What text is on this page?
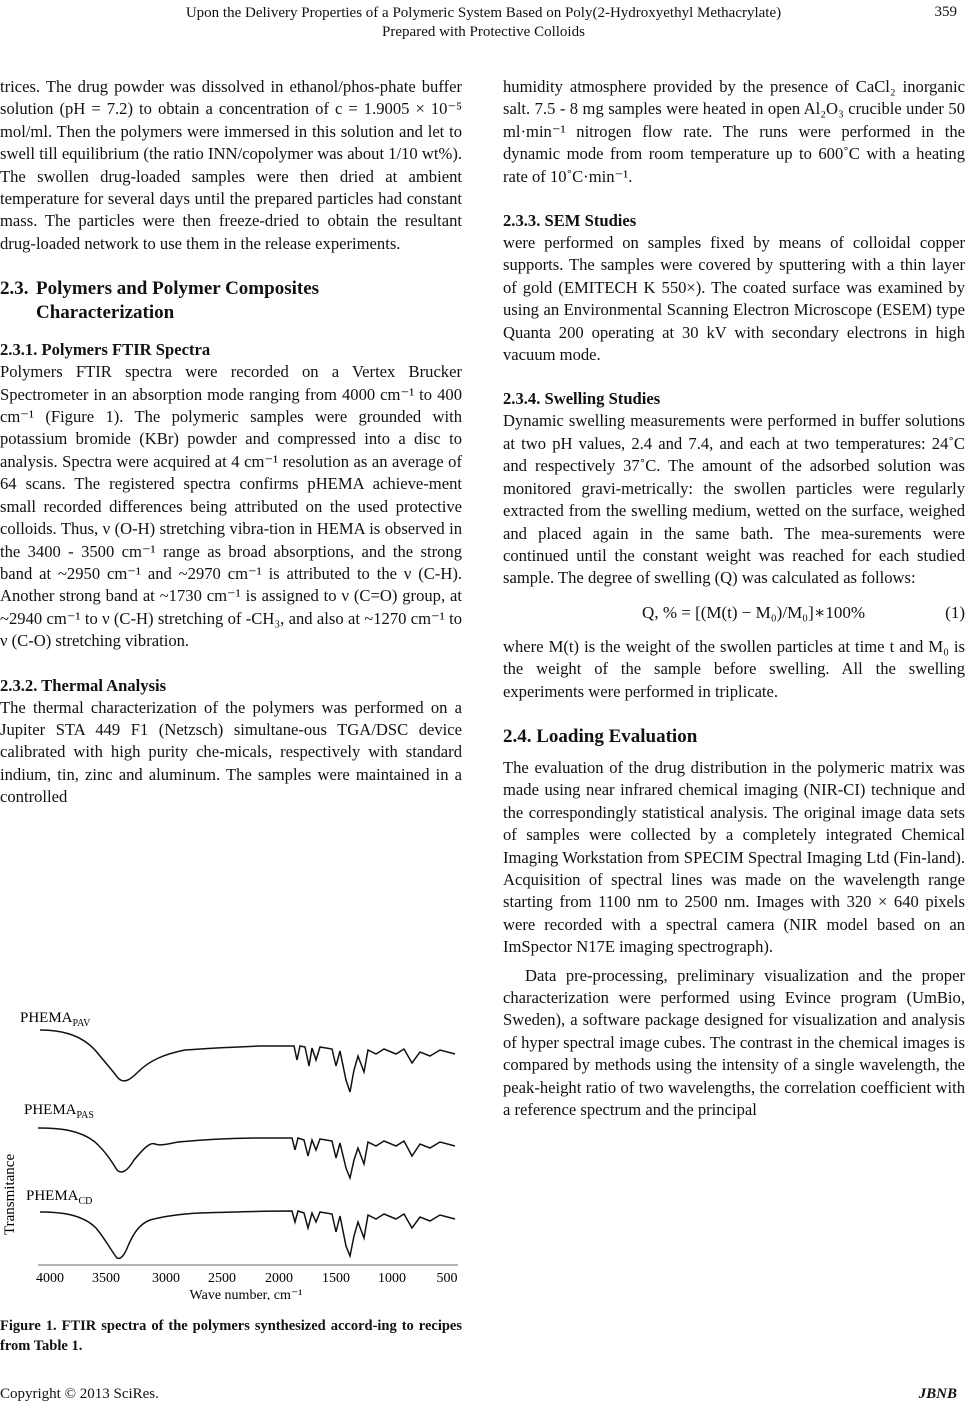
Upon the Delivery Properties of a Polymeric System Based on Poly(2-Hydroxyethyl Methacrylate)
Prepared with Protective Colloids
359

trices. The drug powder was dissolved in ethanol/phos-phate buffer solution (pH = 7.2) to obtain a concentration of c = 1.9005 × 10⁻⁵ mol/ml. Then the polymers were immersed in this solution and let to swell till equilibrium (the ratio INN/copolymer was about 1/10 wt%). The swollen drug-loaded samples were then dried at ambient temperature for several days until the prepared particles had constant mass. The particles were then freeze-dried to obtain the resultant drug-loaded network to use them in the release experiments.

2.3. Polymers and Polymer Composites
Characterization
2.3.1. Polymers FTIR Spectra

Polymers FTIR spectra were recorded on a Vertex Brucker Spectrometer in an absorption mode ranging from 4000 cm⁻¹ to 400 cm⁻¹ (Figure 1). The polymeric samples were grounded with potassium bromide (KBr) powder and compressed into a disc to analysis. Spectra were acquired at 4 cm⁻¹ resolution as an average of 64 scans. The registered spectra confirms pHEMA achieve-ment small recorded differences being attributed on the used protective colloids. Thus, ν (O-H) stretching vibra-tion in HEMA is observed in the 3400 - 3500 cm⁻¹ range as broad absorptions, and the strong band at ~2950 cm⁻¹ and ~2970 cm⁻¹ is attributed to the ν (C-H). Another strong band at ~1730 cm⁻¹ is assigned to ν (C=O) group, at ~2940 cm⁻¹ to ν (C-H) stretching of -CH₃, and also at ~1270 cm⁻¹ to ν (C-O) stretching vibration.

2.3.2. Thermal Analysis

The thermal characterization of the polymers was performed on a Jupiter STA 449 F1 (Netzsch) simultane-ous TGA/DSC device calibrated with high purity che-micals, respectively with standard indium, tin, zinc and aluminum. The samples were maintained in a controlled

Transmitance
$PHEMA_{PAV}$
$PHEMA_{PAS}$
$PHEMA_{CD}$
4000 3500 3000 2500 2000 1500 1000 500
Wave number, cm⁻¹
Figure 1. FTIR spectra of the polymers synthesized accord-ing to recipes from Table 1.

humidity atmosphere provided by the presence of CaCl₂ inorganic salt. 7.5 - 8 mg samples were heated in open Al₂O₃ crucible under 50 ml·min⁻¹ nitrogen flow rate. The runs were performed in the dynamic mode from room temperature up to 600˚C with a heating rate of 10˚C·min⁻¹.

2.3.3. SEM Studies

were performed on samples fixed by means of colloidal copper supports. The samples were covered by sputtering with a thin layer of gold (EMITECH K 550×). The coated surface was examined by using an Environmental Scanning Electron Microscope (ESEM) type Quanta 200 operating at 30 kV with secondary electrons in high vacuum mode.

2.3.4. Swelling Studies

Dynamic swelling measurements were performed in buffer solutions at two pH values, 2.4 and 7.4, and each at two temperatures: 24˚C and respectively 37˚C. The amount of the adsorbed solution was monitored gravi-metrically: the swollen particles were regularly extracted from the swelling medium, wetted on the surface, weighed and placed again in the same bath. The mea-surements were continued until the constant weight was reached for each studied sample. The degree of swelling (Q) was calculated as follows:

Q, % = [(M(t) − M₀)/M₀]∗100%	(1)

where M(t) is the weight of the swollen particles at time t and M₀ is the weight of the sample before swelling. All the swelling experiments were performed in triplicate.

2.4. Loading Evaluation

The evaluation of the drug distribution in the polymeric matrix was made using near infrared chemical imaging (NIR-CI) technique and the correspondingly statistical analysis. The original image data sets of samples were collected by a completely integrated Chemical Imaging Workstation from SPECIM Spectral Imaging Ltd (Fin-land). Acquisition of spectral lines was made on the wavelength range starting from 1100 nm to 2500 nm. Images with 320 × 640 pixels were recorded with a spectral camera (NIR model based on an ImSpector N17E imaging spectrograph).

Data pre-processing, preliminary visualization and the proper characterization were performed using Evince program (UmBio, Sweden), a software package designed for visualization and analysis of hyper spectral image cubes. The contrast in the chemical images is compared by methods using the intensity of a single wavelength, the peak-height ratio of two wavelengths, the correlation coefficient with a reference spectrum and the principal

Copyright © 2013 SciRes.	JBNB
